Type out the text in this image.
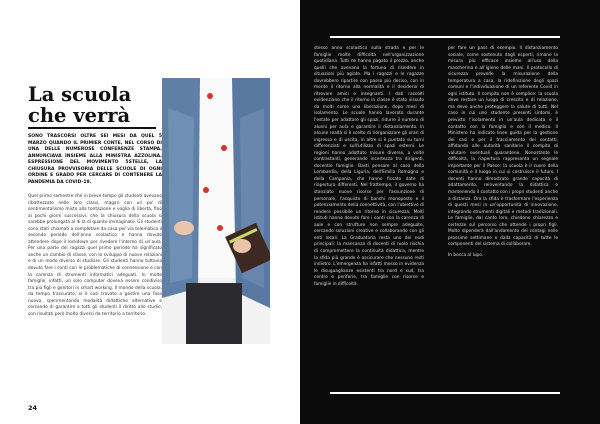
La scuola che verrà

SONO TRASCORSI OLTRE SEI MESI DA QUEL 5 MARZO QUANDO IL PRIMIER CONTE, NEL CORSO DI UNA DELLE NUMEROSE CONFERENZE STAMPA, ANNUNCIAVA INSIEME ALLA MINISTRA AZZOLINA, ESPRESSIONE DEL MOVIMENTO 5STELLE, LA CHIUSURA PROVVISORIA DELLE SCUOLE DI OGNI ORDINE E GRADO PER CERCARE DI CONTENERE LA PANDEMIA DA COVID-19.

Quel primo semestre che in breve tempo gli studenti avevano ribattezzato nelle loro classi, magari con un po' di sentimentalismo misto alla tentazione e voglia di libertà, fino ai pochi giorni successivi, che la chiusura della scuola si sarebbe prolungata al di là di quanto immaginato. Gli studenti sono stati chiamati a completare da casa per via telematica il secondo periodo dell'anno scolastico e hanno dovuto attendere dopo il lockdown per rivedere l'interno di un'aula. Per una parte dei ragazzi quel primo periodo ha significato anche un cambio di classe, con lo sviluppo di nuove relazioni e di un modo diverso di studiare. Gli studenti hanno tuttavia dovuto fare i conti con le problematiche di connessione e con la carenza di strumenti informatici adeguati. In molte famiglie, infatti, un solo computer doveva essere condiviso tra più figli e genitori in smart working. Il mondo della scuola, da tempo trascurato, si è così trovato a gestire una fase nuova, sperimentando modalità didattiche alternative e cercando di garantire a tutti gli studenti il diritto allo studio, con risultati però molto diversi da territorio a territorio.

24

stesso anno scolastico sulla strada e per le famiglie molte difficoltà nell'organizzazione quotidiana. Tutti ne hanno pagato il prezzo, anche quelli che avevano la fortuna di risiedere in situazioni più agiate. Ma i ragazzi e le ragazze dovrebbero ripartire con passo più deciso, con in mente il ritorno alla normalità e il desiderio di ritrovare amici e insegnanti. I dati raccolti evidenziano che il ritorno in classe è stato vissuto da molti come una liberazione, dopo mesi di isolamento. Le scuole hanno lavorato durante l'estate per adattare gli spazi, ridurre il numero di alunni per aula e garantire il distanziamento. In alcune realtà si è scelto di riorganizzare gli orari di ingresso e di uscita, in altre si è puntato su turni differenziati e sull'utilizzo di spazi esterni. Le regioni hanno adottato misure diverse, a volte contrastanti, generando incertezza tra dirigenti, docentie famiglie. Basti pensare al caso della Lombardia, della Liguria, dell'Emilia Romagna e della Campania, che hanno fissato date di riapertura differenti. Nel frattempo, il governo ha stanziato nuove risorse per l'assunzione di personale, l'acquisto di banchi monoposto e il potenziamento della connettività, con l'obiettivo di rendere possibile un ritorno in sicurezza. Molti istituti hanno dovuto fare i conti con la carenza di aule e con strutture non sempre adeguate, cercando soluzioni creative e collaborando con gli enti locali. La Graduatoria resta uno dei nodi principali: la mancanza di docenti di ruolo rischia di compromettere la continuità didattica, mentre la sfida più grande è assicurare che nessuno resti indietro. L'emergenza ha infatti messo in evidenza le disuguaglianze esistenti tra nord e sud, tra centro e periferie, tra famiglie con risorse e famiglie in difficoltà.

per fare un pass di esempio. Il distanziamento sociale, come sostenuto dagli esperti, rimane la misura più efficace insieme all'uso della mascherina e all'igiene delle mani. Il protocollo di sicurezza prevede la misurazione della temperatura a casa, la ridefinizione degli spazi comuni e l'individuazione di un referente Covid in ogni istituto. Il compito non è semplice: la scuola deve restare un luogo di crescita e di relazione, ma deve anche proteggere la salute di tutti. Nel caso in cui uno studente presenti sintomi, è previsto l'isolamento in un'aula dedicata e il contatto con la famiglia e con il medico. Il Ministero ha indicato linee guida per la gestione dei casi e per il tracciamento dei contatti, affidando alle autorità sanitarie il compito di valutare eventuali quarantene. Nonostante le difficoltà, la riapertura rappresenta un segnale importante per il Paese: la scuola è il cuore della comunità e il luogo in cui si costruisce il futuro. I docenti hanno dimostrato grande capacità di adattamento, reinventando la didattica e mantenendo il contatto con i propri studenti anche a distanza. Ora la sfida è trasformare l'esperienza di questi mesi in un'opportunità di innovazione, integrando strumenti digitali e metodi tradizionali. Le famiglie, dal canto loro, chiedono chiarezza e certezze sul percorso che attende i propri figli. Molto dipenderà dall'andamento dei contagi nelle prossime settimane e dalla capacità di tutte le componenti del sistema di collaborare.
In bocca al lupo.
